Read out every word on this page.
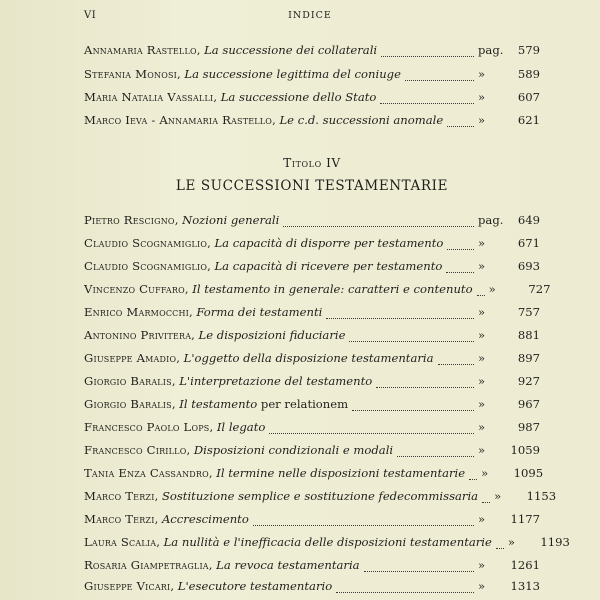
VI	INDICE
Annamaria Rastello , La successione dei collaterali	pag.	579
Stefania Monosi , La successione legittima del coniuge	»	589
Maria Natalia Vassalli , La successione dello Stato	»	607
Marco Ieva - Annamaria Rastello , Le c.d. successioni anomale	»	621
Titolo IV
LE SUCCESSIONI TESTAMENTARIE
Pietro Rescigno , Nozioni generali	pag.	649
Claudio Scognamiglio , La capacità di disporre per testamento	»	671
Claudio Scognamiglio , La capacità di ricevere per testamento	»	693
Vincenzo Cuffaro , Il testamento in generale: caratteri e contenuto »	727
Enrico Marmocchi , Forma dei testamenti	»	757
Antonino Privitera , Le disposizioni fiduciarie	»	881
Giuseppe Amadio , L'oggetto della disposizione testamentaria	»	897
Giorgio Baralis , L'interpretazione del testamento	»	927
Giorgio Baralis , Il testamento per relationem	»	967
Francesco Paolo Lops , Il legato	»	987
Francesco Cirillo , Disposizioni condizionali e modali	»	1059
Tania Enza Cassandro , Il termine nelle disposizioni testamentarie »	1095
Marco Terzi , Sostituzione semplice e sostituzione fedecommissaria »	1153
Marco Terzi , Accrescimento	»	1177
Laura Scalia , La nullità e l'inefficacia delle disposizioni testamentarie »	1193
Rosaria Giampetraglia , La revoca testamentaria	»	1261
Giuseppe Vicari , L'esecutore testamentario	»	1313
